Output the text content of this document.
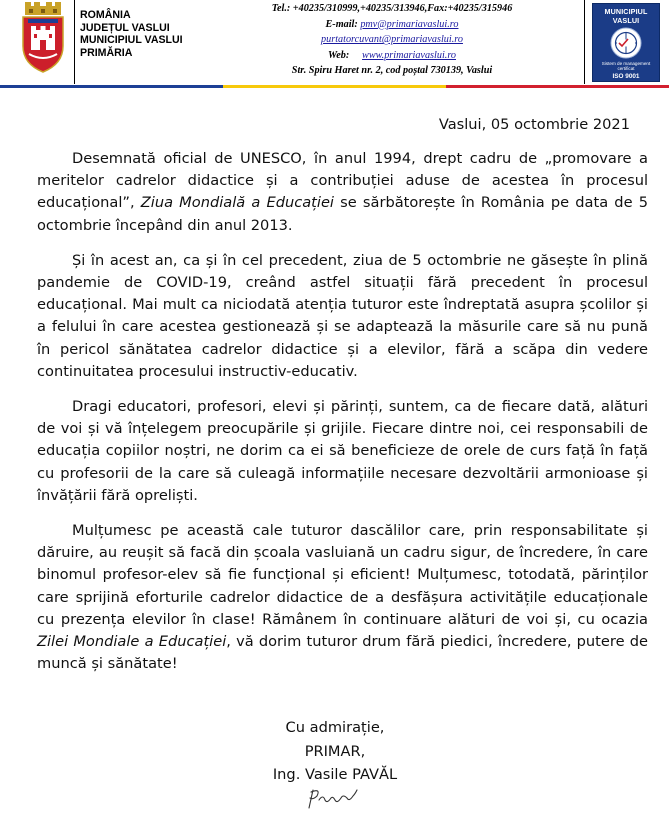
ROMÂNIA
JUDEȚUL VASLUI
MUNICIPIUL VASLUI
PRIMĂRIA
Tel.: +40235/310999,+40235/313946,Fax:+40235/315946
E-mail: pmv@primariavaslui.ro
purtatorcuvant@primariavaslui.ro
Web: www.primariavaslui.ro
Str. Spiru Haret nr. 2, cod poștal 730139, Vaslui
MUNICIPIUL VASLUI
Sistem de management certificat
ISO 9001
Vaslui, 05 octombrie 2021

Desemnată oficial de UNESCO, în anul 1994, drept cadru de „promovare a meritelor cadrelor didactice și a contribuției aduse de acestea în procesul educațional”, Ziua Mondială a Educației se sărbătorește în România pe data de 5 octombrie începând din anul 2013.

Și în acest an, ca și în cel precedent, ziua de 5 octombrie ne găsește în plină pandemie de COVID-19, creând astfel situații fără precedent în procesul educațional. Mai mult ca niciodată atenția tuturor este îndreptată asupra școlilor și a felului în care acestea gestionează și se adaptează la măsurile care să nu pună în pericol sănătatea cadrelor didactice și a elevilor, fără a scăpa din vedere continuitatea procesului instructiv-educativ.

Dragi educatori, profesori, elevi și părinți, suntem, ca de fiecare dată, alături de voi și vă înțelegem preocupările și grijile. Fiecare dintre noi, cei responsabili de educația copiilor noștri, ne dorim ca ei să beneficieze de orele de curs față în față cu profesorii de la care să culeagă informațiile necesare dezvoltării armonioase și învățării fără opreliști.

Mulțumesc pe această cale tuturor dascălilor care, prin responsabilitate și dăruire, au reușit să facă din școala vasluiană un cadru sigur, de încredere, în care binomul profesor-elev să fie funcțional și eficient! Mulțumesc, totodată, părinților care sprijină eforturile cadrelor didactice de a desfășura activitățile educaționale cu prezența elevilor în clase! Rămânem în continuare alături de voi și, cu ocazia Zilei Mondiale a Educației, vă dorim tuturor drum fără piedici, încredere, putere de muncă și sănătate!

Cu admirație,
PRIMAR,
Ing. Vasile PAVĂL
